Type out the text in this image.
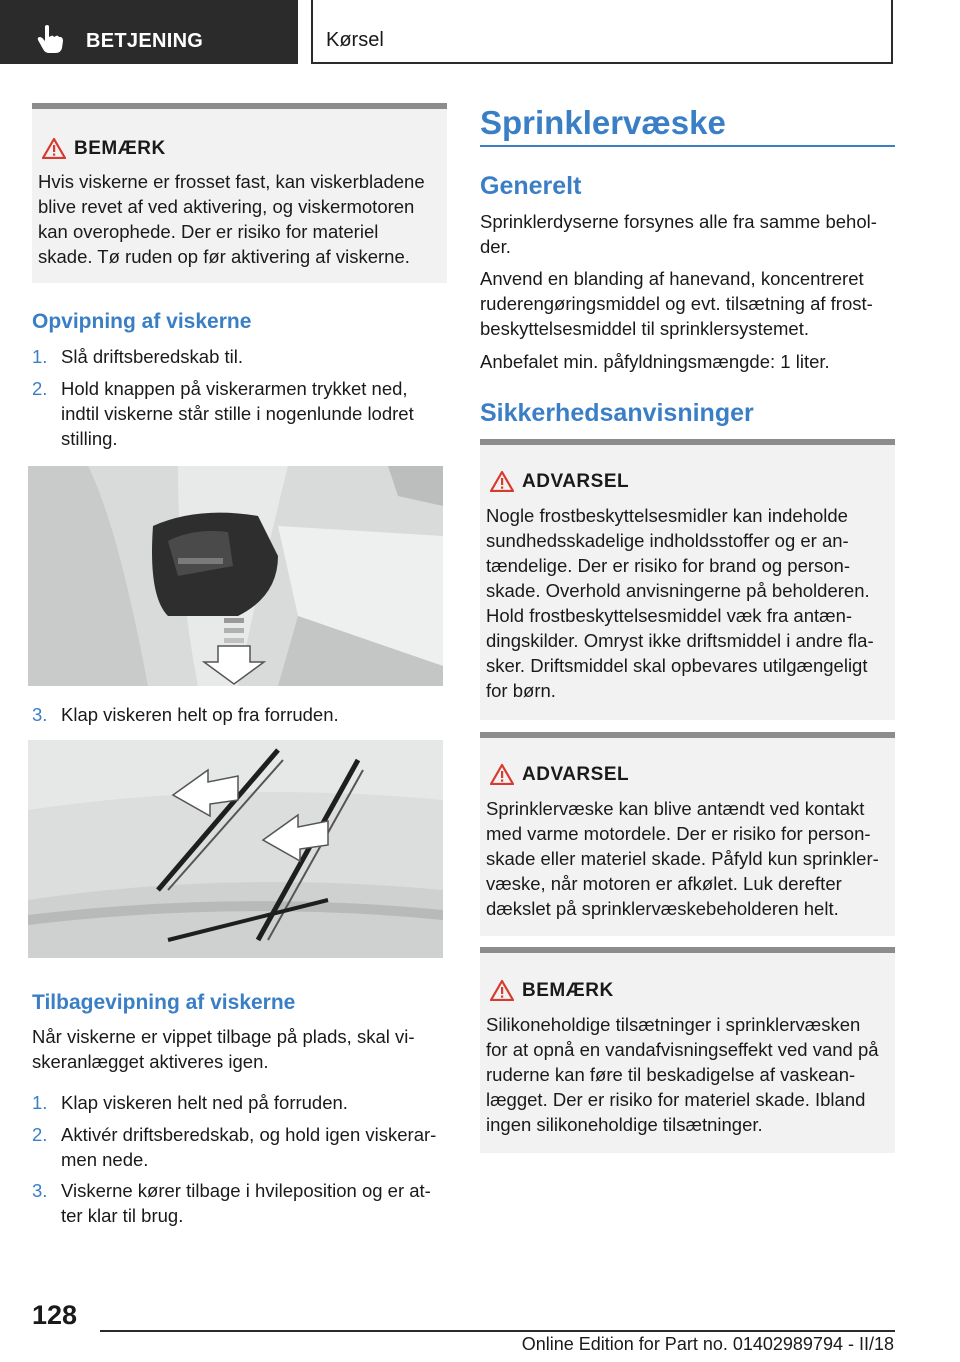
BETJENING	Kørsel
BEMÆRK
Hvis viskerne er frosset fast, kan viskerbladene
blive revet af ved aktivering, og viskermotoren
kan overophede. Der er risiko for materiel
skade. Tø ruden op før aktivering af viskerne.
Opvipning af viskerne
1. Slå driftsberedskab til.
2. Hold knappen på viskerarmen trykket ned,
indtil viskerne står stille i nogenlunde lodret
stilling.
3. Klap viskeren helt op fra forruden.
Tilbagevipning af viskerne
Når viskerne er vippet tilbage på plads, skal vi-
skeranlægget aktiveres igen.
1. Klap viskeren helt ned på forruden.
2. Aktivér driftsberedskab, og hold igen viskerar-
men nede.
3. Viskerne kører tilbage i hvileposition og er at-
ter klar til brug.
Sprinklervæske
Generelt
Sprinklerdyserne forsynes alle fra samme behol-
der.
Anvend en blanding af hanevand, koncentreret
ruderengøringsmiddel og evt. tilsætning af frost-
beskyttelsesmiddel til sprinklersystemet.
Anbefalet min. påfyldningsmængde: 1 liter.
Sikkerhedsanvisninger
ADVARSEL
Nogle frostbeskyttelsesmidler kan indeholde
sundhedsskadelige indholdsstoffer og er an-
tændelige. Der er risiko for brand og person-
skade. Overhold anvisningerne på beholderen.
Hold frostbeskyttelsesmiddel væk fra antæn-
dingskilder. Omryst ikke driftsmiddel i andre fla-
sker. Driftsmiddel skal opbevares utilgængeligt
for børn.
ADVARSEL
Sprinklervæske kan blive antændt ved kontakt
med varme motordele. Der er risiko for person-
skade eller materiel skade. Påfyld kun sprinkler-
væske, når motoren er afkølet. Luk derefter
dækslet på sprinklervæskebeholderen helt.
BEMÆRK
Silikoneholdige tilsætninger i sprinklervæsken
for at opnå en vandafvisningseffekt ved vand på
ruderne kan føre til beskadigelse af vaskean-
lægget. Der er risiko for materiel skade. Ibland
ingen silikoneholdige tilsætninger.
128
Online Edition for Part no. 01402989794 - II/18
